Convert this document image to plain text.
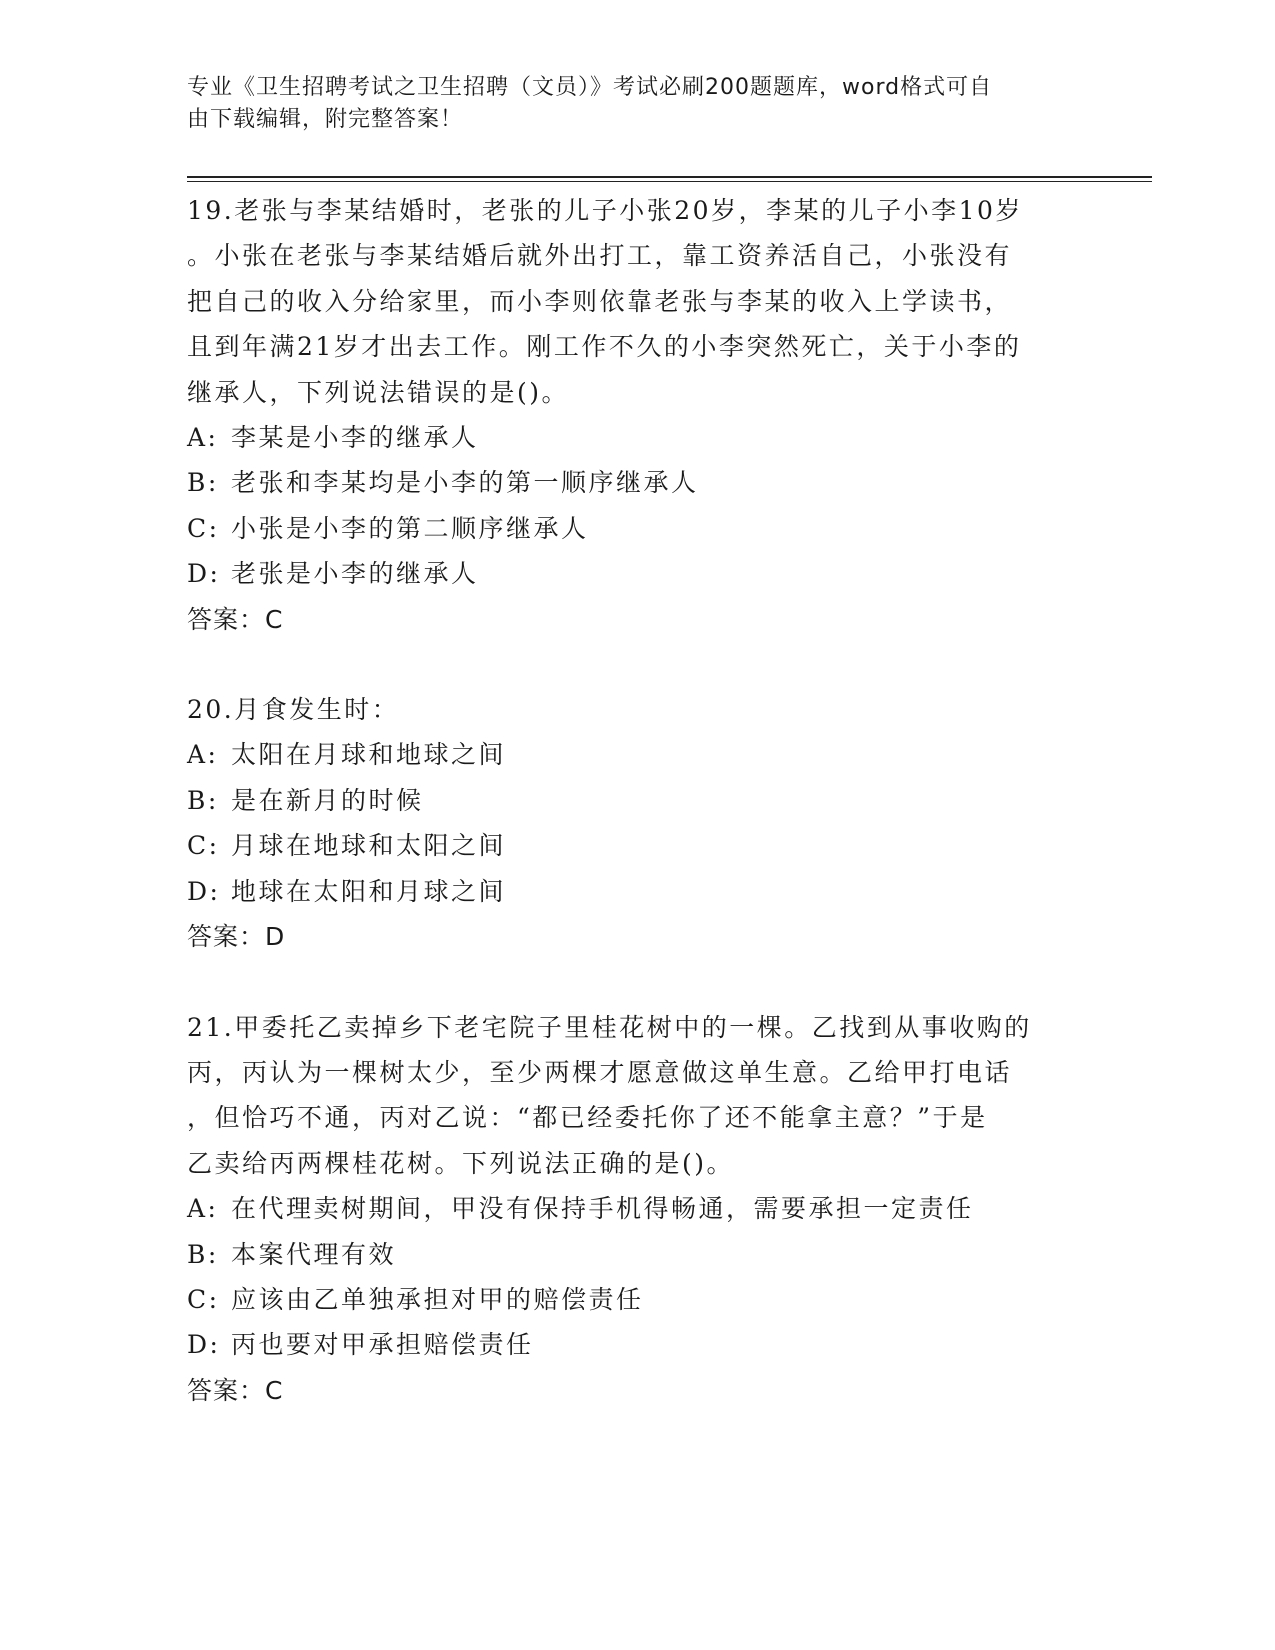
专业《卫生招聘考试之卫生招聘（文员）》考试必刷200题题库，word格式可自
由下载编辑，附完整答案！

19.老张与李某结婚时，老张的儿子小张20岁，李某的儿子小李10岁

。小张在老张与李某结婚后就外出打工，靠工资养活自己，小张没有

把自己的收入分给家里，而小李则依靠老张与李某的收入上学读书，

且到年满21岁才出去工作。刚工作不久的小李突然死亡，关于小李的

继承人，下列说法错误的是()。

A: 李某是小李的继承人

B: 老张和李某均是小李的第一顺序继承人

C: 小张是小李的第二顺序继承人

D: 老张是小李的继承人

答案：C

20.月食发生时：

A: 太阳在月球和地球之间

B: 是在新月的时候

C: 月球在地球和太阳之间

D: 地球在太阳和月球之间

答案：D

21.甲委托乙卖掉乡下老宅院子里桂花树中的一棵。乙找到从事收购的

丙，丙认为一棵树太少，至少两棵才愿意做这单生意。乙给甲打电话

，但恰巧不通，丙对乙说：“都已经委托你了还不能拿主意？”于是

乙卖给丙两棵桂花树。下列说法正确的是()。

A: 在代理卖树期间，甲没有保持手机得畅通，需要承担一定责任

B: 本案代理有效

C: 应该由乙单独承担对甲的赔偿责任

D: 丙也要对甲承担赔偿责任

答案：C
